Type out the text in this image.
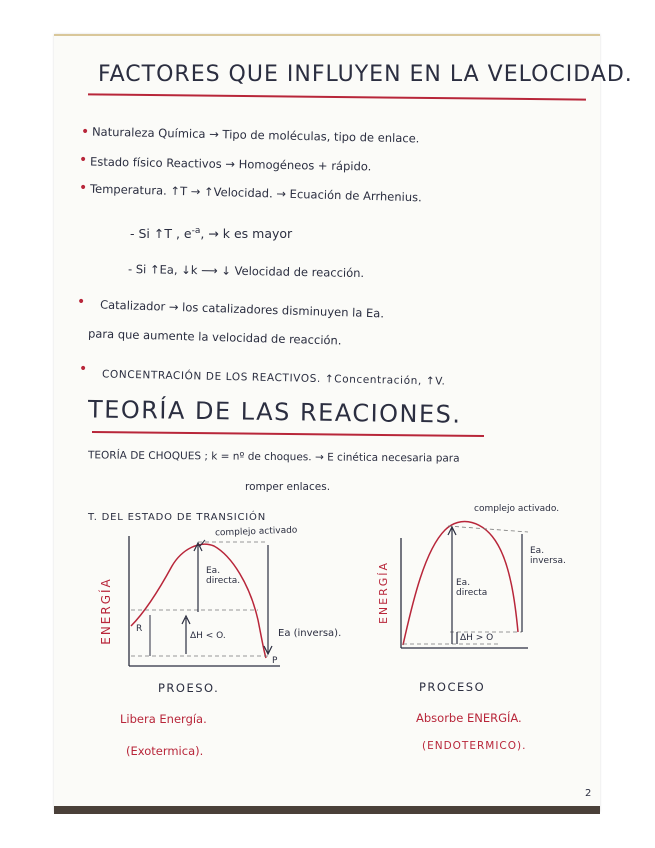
FACTORES QUE INFLUYEN EN LA VELOCIDAD.
• Naturaleza Química → Tipo de moléculas, tipo de enlace.
• Estado físico Reactivos → Homogéneos + rápido.
• Temperatura. ↑T → ↑Velocidad. → Ecuación de Arrhenius.
- Si ↑T , $e^{-a}$, → k es mayor
- Si ↑Ea, ↓k ⟶ ↓ Velocidad de reacción.
• Catalizador → los catalizadores disminuyen la Ea.
para que aumente la velocidad de reacción.
• CONCENTRACIÓN DE LOS REACTIVOS. ↑Concentración, ↑V.
TEORÍA DE LAS REACIONES.
TEORÍA DE CHOQUES ; k = nº de choques. → E cinética necesaria para
romper enlaces.
T. DEL ESTADO DE TRANSICIÓN
complejo activado
ENERGÍA
Ea. directa.
R
ΔH < O.	Ea (inversa).
P
PROESO.
Libera Energía.
(Exotermica).
complejo activado.
ENERGÍA
Ea. inversa.
Ea. directa
ΔH > O
PROCESO
Absorbe ENERGÍA.
(ENDOTERMICO).
2
